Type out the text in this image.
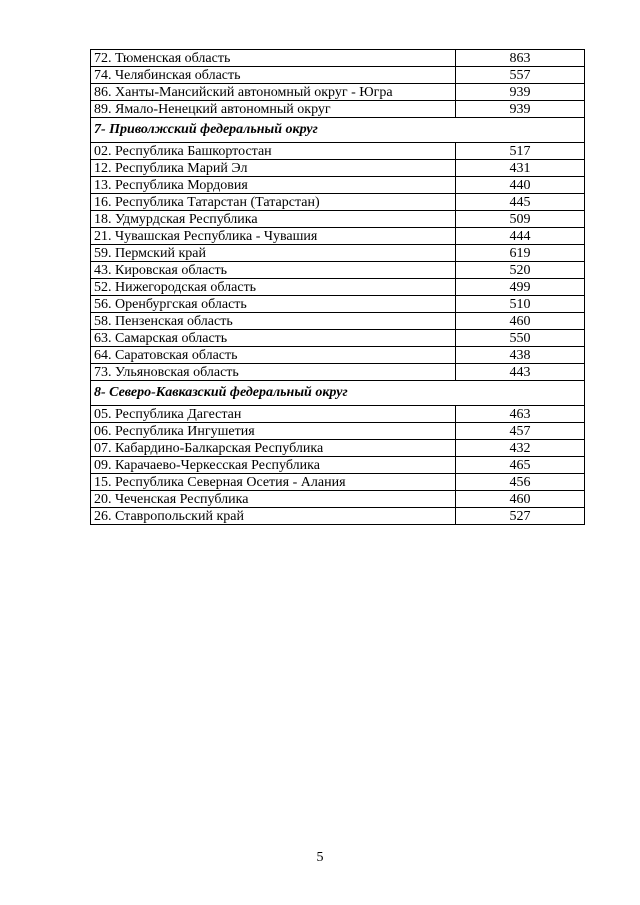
72. Тюменская область	863
74. Челябинская область	557
86. Ханты-Мансийский автономный округ - Югра	939
89. Ямало-Ненецкий автономный округ	939
7- Приволжский федеральный округ	
02. Республика Башкортостан	517
12. Республика Марий Эл	431
13. Республика Мордовия	440
16. Республика Татарстан (Татарстан)	445
18. Удмурдская Республика	509
21. Чувашская Республика - Чувашия	444
59. Пермский край	619
43. Кировская область	520
52. Нижегородская область	499
56. Оренбургская область	510
58. Пензенская область	460
63. Самарская область	550
64. Саратовская область	438
73. Ульяновская область	443
8- Северо-Кавказский федеральный округ	
05. Республика Дагестан	463
06. Республика Ингушетия	457
07. Кабардино-Балкарская Республика	432
09. Карачаево-Черкесская Республика	465
15. Республика Северная Осетия - Алания	456
20. Чеченская Республика	460
26. Ставропольский край	527
5
